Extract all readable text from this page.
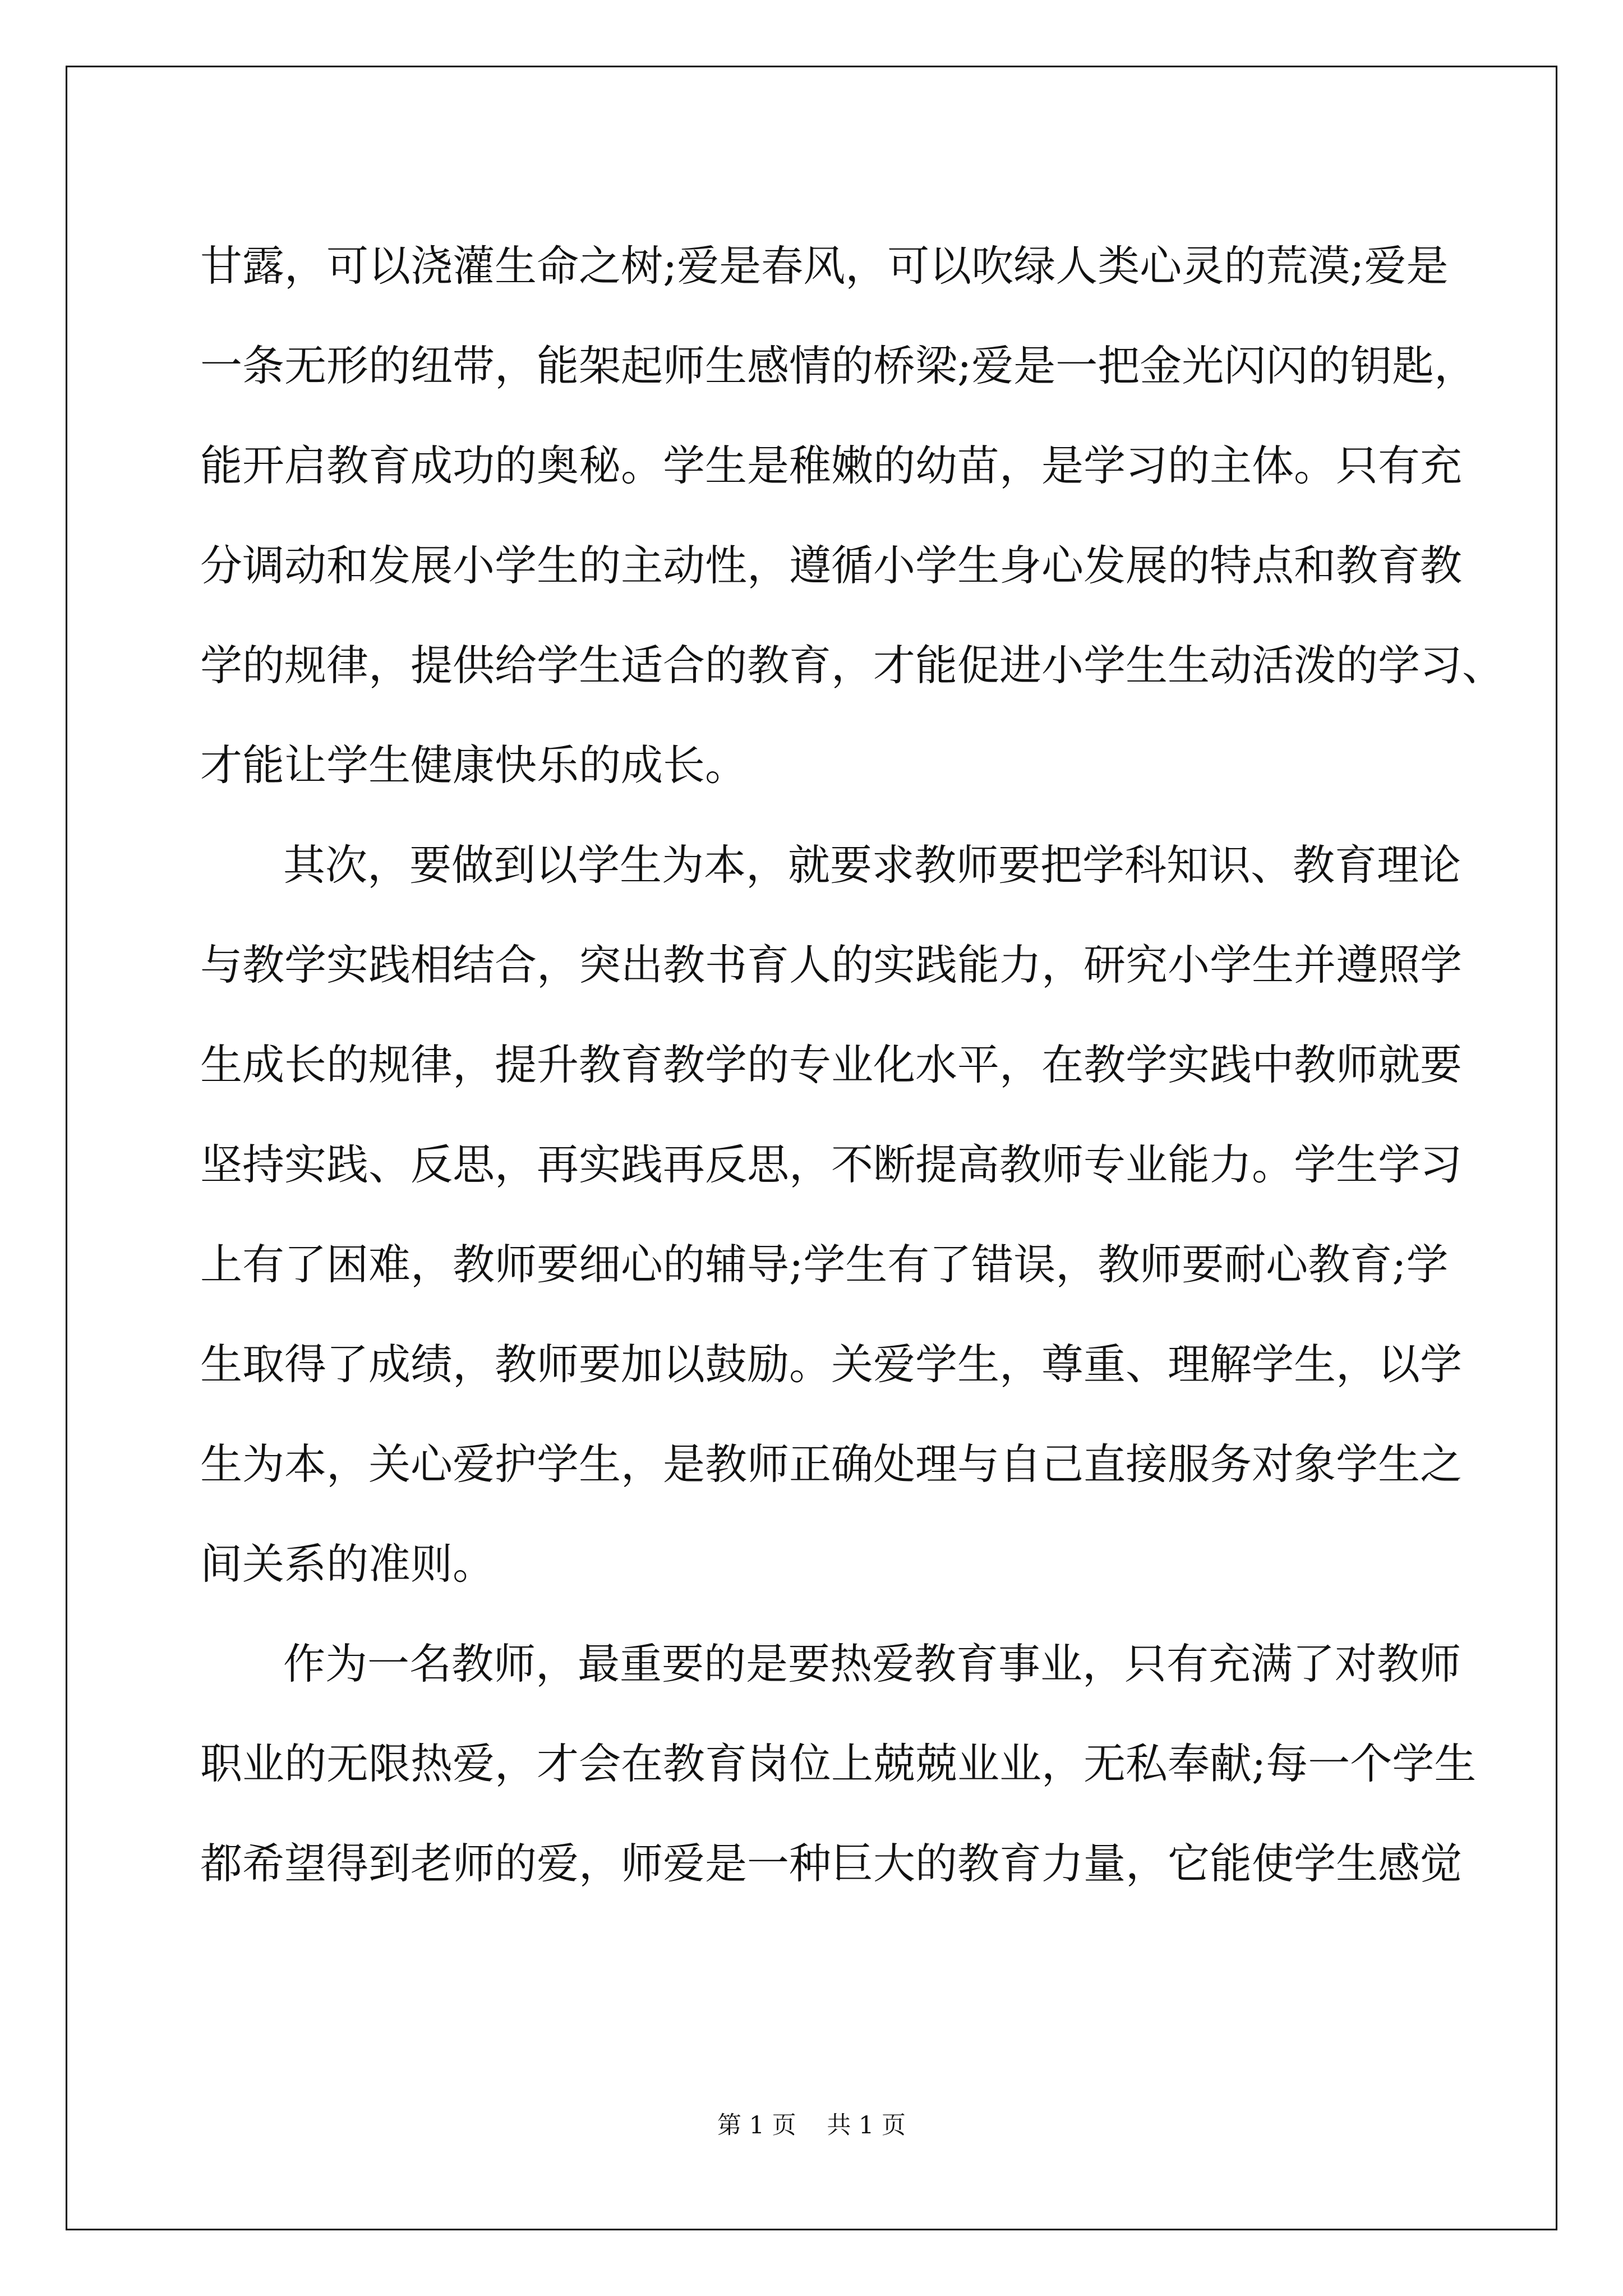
甘露，可以浇灌生命之树;爱是春风，可以吹绿人类心灵的荒漠;爱是
一条无形的纽带，能架起师生感情的桥梁;爱是一把金光闪闪的钥匙，
能开启教育成功的奥秘。学生是稚嫩的幼苗，是学习的主体。只有充
分调动和发展小学生的主动性，遵循小学生身心发展的特点和教育教
学的规律，提供给学生适合的教育，才能促进小学生生动活泼的学习、
才能让学生健康快乐的成长。
其次，要做到以学生为本，就要求教师要把学科知识、教育理论
与教学实践相结合，突出教书育人的实践能力，研究小学生并遵照学
生成长的规律，提升教育教学的专业化水平，在教学实践中教师就要
坚持实践、反思，再实践再反思，不断提高教师专业能力。学生学习
上有了困难，教师要细心的辅导;学生有了错误，教师要耐心教育;学
生取得了成绩，教师要加以鼓励。关爱学生，尊重、理解学生，以学
生为本，关心爱护学生，是教师正确处理与自己直接服务对象学生之
间关系的准则。
作为一名教师，最重要的是要热爱教育事业，只有充满了对教师
职业的无限热爱，才会在教育岗位上兢兢业业，无私奉献;每一个学生
都希望得到老师的爱，师爱是一种巨大的教育力量，它能使学生感觉
第 1 页    共 1 页
